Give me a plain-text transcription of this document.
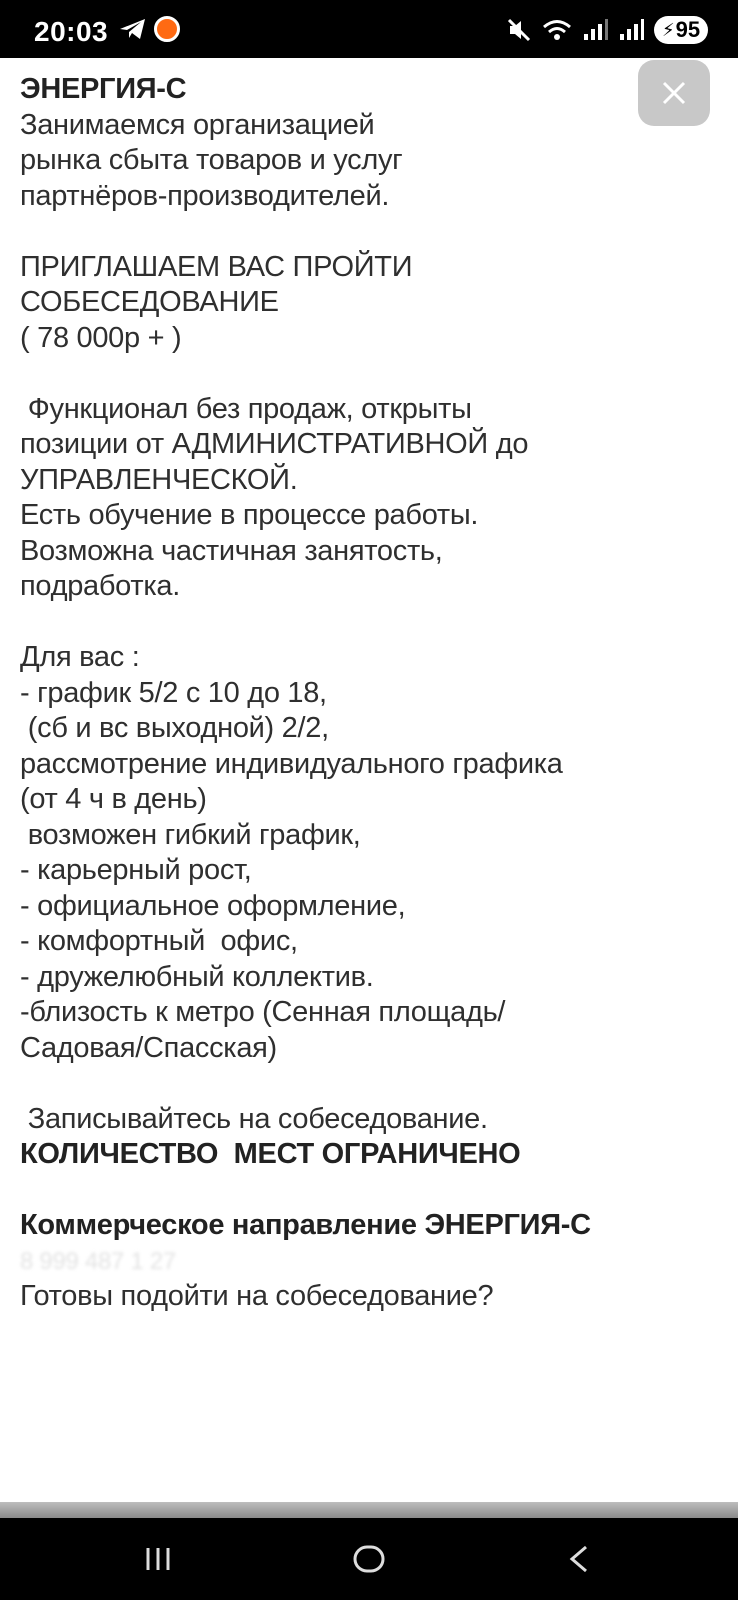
20:03	⚡ 95
ЭНЕРГИЯ-С
Занимаемся организацией
рынка сбыта товаров и услуг
партнёров-производителей.
ПРИГЛАШАЕМ ВАС ПРОЙТИ
СОБЕСЕДОВАНИЕ
( 78 000р + )
Функционал без продаж, открыты
позиции от АДМИНИСТРАТИВНОЙ до
УПРАВЛЕНЧЕСКОЙ.
Есть обучение в процессе работы.
Возможна частичная занятость,
подработка.
Для вас :
- график 5/2 с 10 до 18,
(сб и вс выходной) 2/2,
рассмотрение индивидуального графика
(от 4 ч в день)
возможен гибкий график,
- карьерный рост,
- официальное оформление,
- комфортный  офис,
- дружелюбный коллектив.
-близость к метро (Сенная площадь/
Садовая/Спасская)
Записывайтесь на собеседование.
КОЛИЧЕСТВО  МЕСТ ОГРАНИЧЕНО
Коммерческое направление ЭНЕРГИЯ-С
8 999 487 1 27
Готовы подойти на собеседование?
